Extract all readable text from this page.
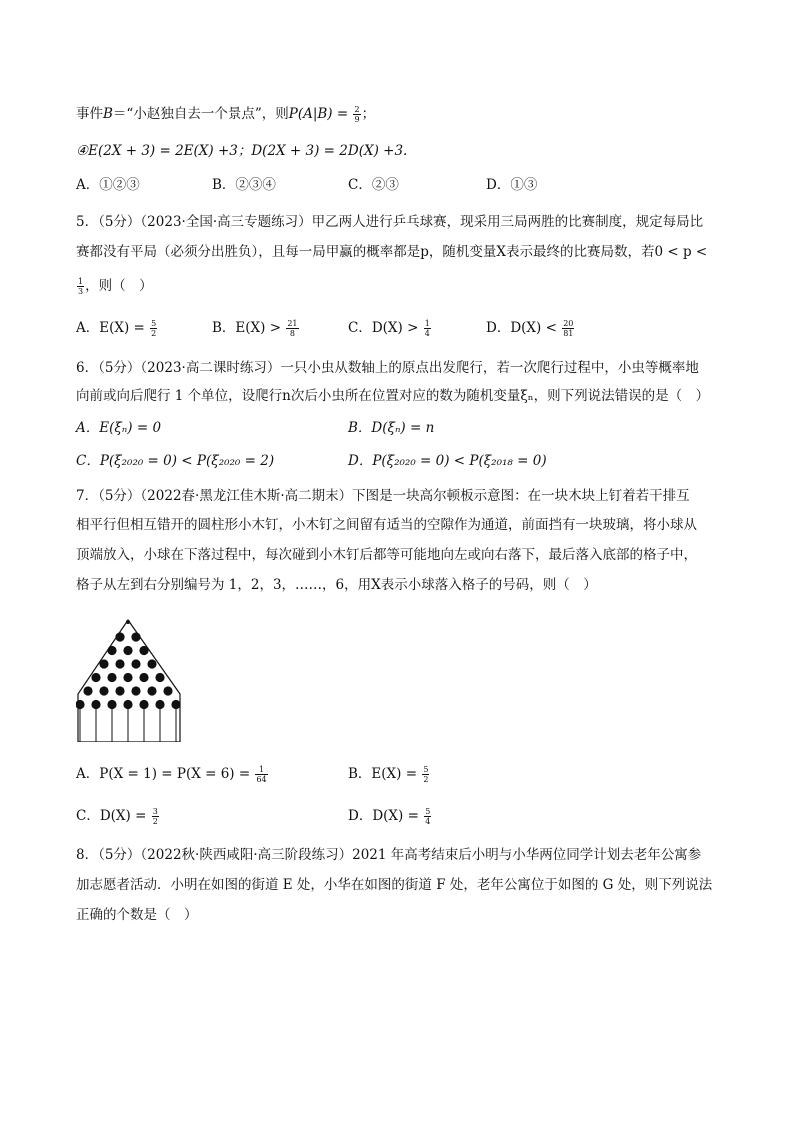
事件B＝“小赵独自去一个景点”，则$P(A|B) = \frac{2}{9}$ ；
④E(2X + 3) = 2E(X) +3；D(2X + 3) = 2D(X) +3.
A．①②③	B．②③④	C．②③	D．①③
5．（5分）（2023·全国·高三专题练习）甲乙两人进行乒乓球赛，现采用三局两胜的比赛制度，规定每局比
赛都没有平局（必须分出胜负），且每一局甲赢的概率都是p，随机变量X表示最终的比赛局数，若0 < p <
$\frac{1}{3}$ ，则（　）
A．$E(X) = \frac{5}{2}$	B．$E(X) > \frac{21}{8}$	C．$D(X) > \frac{1}{4}$	D．$D(X) < \frac{20}{81}$
6．（5分）（2023·高二课时练习）一只小虫从数轴上的原点出发爬行，若一次爬行过程中，小虫等概率地
向前或向后爬行 1 个单位，设爬行n次后小虫所在位置对应的数为随机变量ξₙ，则下列说法错误的是（　）
A．E(ξₙ) = 0	B．D(ξₙ) = n
C．P(ξ₂₀₂₀ = 0) < P(ξ₂₀₂₀ = 2)	D．P(ξ₂₀₂₀ = 0) < P(ξ₂₀₁₈ = 0)
7．（5分）（2022春·黑龙江佳木斯·高二期末）下图是一块高尔顿板示意图：在一块木块上钉着若干排互
相平行但相互错开的圆柱形小木钉，小木钉之间留有适当的空隙作为通道，前面挡有一块玻璃，将小球从
顶端放入，小球在下落过程中，每次碰到小木钉后都等可能地向左或向右落下，最后落入底部的格子中，
格子从左到右分别编号为 1，2，3，……，6，用X表示小球落入格子的号码，则（　）
A．$P(X = 1) = P(X = 6) = \frac{1}{64}$	B．$E(X) = \frac{5}{2}$
C．$D(X) = \frac{3}{2}$	D．$D(X) = \frac{5}{4}$
8．（5分）（2022秋·陕西咸阳·高三阶段练习）2021 年高考结束后小明与小华两位同学计划去老年公寓参
加志愿者活动．小明在如图的街道 E 处，小华在如图的街道 F 处，老年公寓位于如图的 G 处，则下列说法
正确的个数是（　）
